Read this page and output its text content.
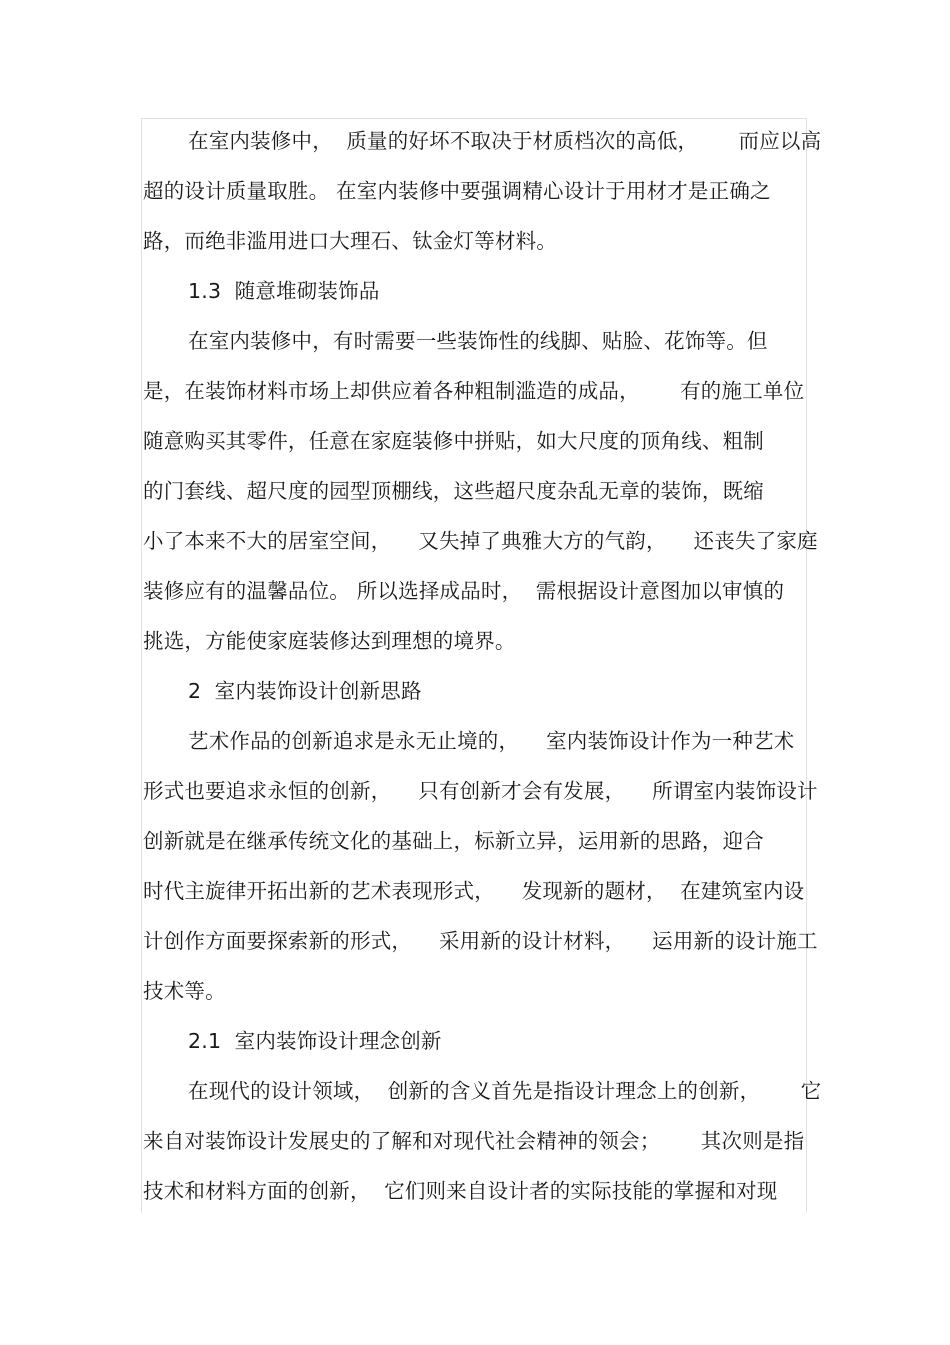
在室内装修中，  质量的好坏不取决于材质档次的高低，      而应以高
超的设计质量取胜。 在室内装修中要强调精心设计于用材才是正确之
路，而绝非滥用进口大理石、钛金灯等材料。
1.3  随意堆砌装饰品
在室内装修中，有时需要一些装饰性的线脚、贴脸、花饰等。但
是，在装饰材料市场上却供应着各种粗制滥造的成品，      有的施工单位
随意购买其零件，任意在家庭装修中拼贴，如大尺度的顶角线、粗制
的门套线、超尺度的园型顶棚线，这些超尺度杂乱无章的装饰，既缩
小了本来不大的居室空间，    又失掉了典雅大方的气韵，    还丧失了家庭
装修应有的温馨品位。 所以选择成品时，  需根据设计意图加以审慎的
挑选，方能使家庭装修达到理想的境界。
2  室内装饰设计创新思路
艺术作品的创新追求是永无止境的，    室内装饰设计作为一种艺术
形式也要追求永恒的创新，    只有创新才会有发展，    所谓室内装饰设计
创新就是在继承传统文化的基础上，标新立异，运用新的思路，迎合
时代主旋律开拓出新的艺术表现形式，    发现新的题材，  在建筑室内设
计创作方面要探索新的形式，    采用新的设计材料，    运用新的设计施工
技术等。
2.1  室内装饰设计理念创新
在现代的设计领域，  创新的含义首先是指设计理念上的创新，      它
来自对装饰设计发展史的了解和对现代社会精神的领会；      其次则是指
技术和材料方面的创新，  它们则来自设计者的实际技能的掌握和对现
